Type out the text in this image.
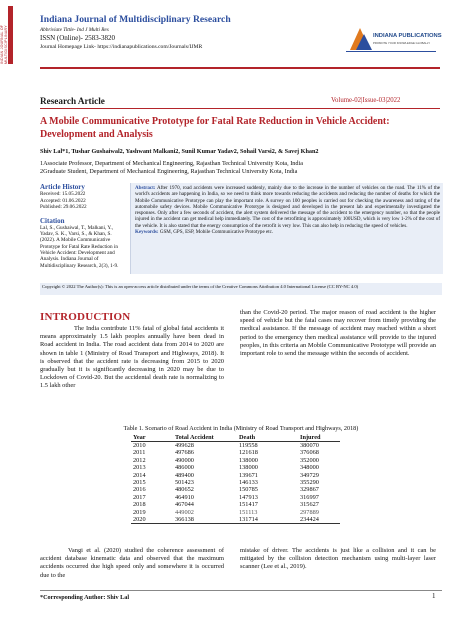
INDIAN JOURNAL OF MULTIDISCIPLINARY RESEARCH
Indiana Journal of Multidisciplinary Research
Abbriviate Tittle- Ind J Multi Res
ISSN (Online)- 2583-3820
Journal Homepage Link- https://indianapublications.com/Journals/IJMR
INDIANA PUBLICATIONS
PROMOTE YOUR KNOWLEDGE GLOBALLY
Research Article	Volume-02|Issue-03|2022
A Mobile Communicative Prototype for Fatal Rate Reduction in Vehicle Accident: Development and Analysis
Shiv Lal*1, Tushar Gushaiwal2, Yashwant Malkani2, Sunil Kumar Yadav2, Sohail Varsi2, & Savej Khan2
1Associate Professor, Department of Mechanical Engineering, Rajasthan Technical University Kota, India
2Graduate Student, Department of Mechanical Engineering, Rajasthan Technical University Kota, India
Article History
Received: 15.05.2022
Accepted: 01.06.2022
Published: 29.06.2022
Citation
Lal, S., Gushaiwal, T., Malkani, Y., Yadav, S. K., Varsi, S., & Khan, S. (2022). A Mobile Communicative Prototype for Fatal Rate Reduction in Vehicle Accident: Development and Analysis. Indiana Journal of Multidisciplinary Research, 2(3), 1-9.
Abstract: After 1970, road accidents were increased suddenly, mainly due to the increase in the number of vehicles on the road. The 11% of the world's accidents are happening in India, so we need to think more towards reducing the accidents and reducing the number of deaths for which the Mobile Communicative Prototype can play the important role. A survey on 100 peoples is carried out for checking the awareness and rating of the automobile safety devices. Mobile Communicative Prototype is designed and developed in the present lab and experimentally investigated the responses. Only after a few seconds of accident, the alert system delivered the message of the accident to the emergency number, so that the people injured in the accident can get medical help immediately. The cost of the retrofitting is approximately 100USD, which is very low 1-2% of the cost of the vehicle. It is also stated that the energy consumption of the retrofit is very low. This can also help in reducing the speed of vehicles.
Keywords: GSM, GPS, ESP, Mobile Communicative Prototype etc.
Copyright © 2022 The Author(s): This is an open-access article distributed under the terms of the Creative Commons Attribution 4.0 International License (CC BY-NC 4.0)
INTRODUCTION
The India contribute 11% fatal of global fatal accidents it means approximately 1.5 lakh peoples annually have been dead in Road accident in India. The road accident data from 2014 to 2020 are shown in table 1 (Ministry of Road Transport and Highways, 2018). It is observed that the accident rate is decreasing from 2015 to 2020 gradually but it is significantly decreasing in 2020 may be due to Lockdown of Covid-20. But the accidental death rate is normalizing to 1.5 lakh other
than the Covid-20 period. The major reason of road accident is the higher speed of vehicle but the fatal cases may recover from timely providing the medical assistance. If the message of accident may reached within a short period to the emergency then medical assistance will provide to the injured peoples, in this criteria an Mobile Communicative Prototype will provide an important role to send the message within the seconds of accident.
Table 1. Scenario of Road Accident in India (Ministry of Road Transport and Highways, 2018)
Year	Total Accident	Death	Injured
2010	499628	119558	380070
2011	497686	121618	376068
2012	490000	138000	352000
2013	486000	138000	348000
2014	489400	139671	349729
2015	501423	146133	355290
2016	480652	150785	329867
2017	464910	147913	316997
2018	467044	151417	315627
2019	449002	151113	297889
2020	366138	131714	234424
Vangi et al. (2020) studied the coherence assessment of accident database kinematic data and observed that the maximum accidents occurred due high speed only and somewhere it is occurred due to the
mistake of driver. The accidents is just like a collision and it can be mitigated by the collision detection mechanism using multi-layer laser scanner (Lee et al., 2019).
*Corresponding Author: Shiv Lal	1
